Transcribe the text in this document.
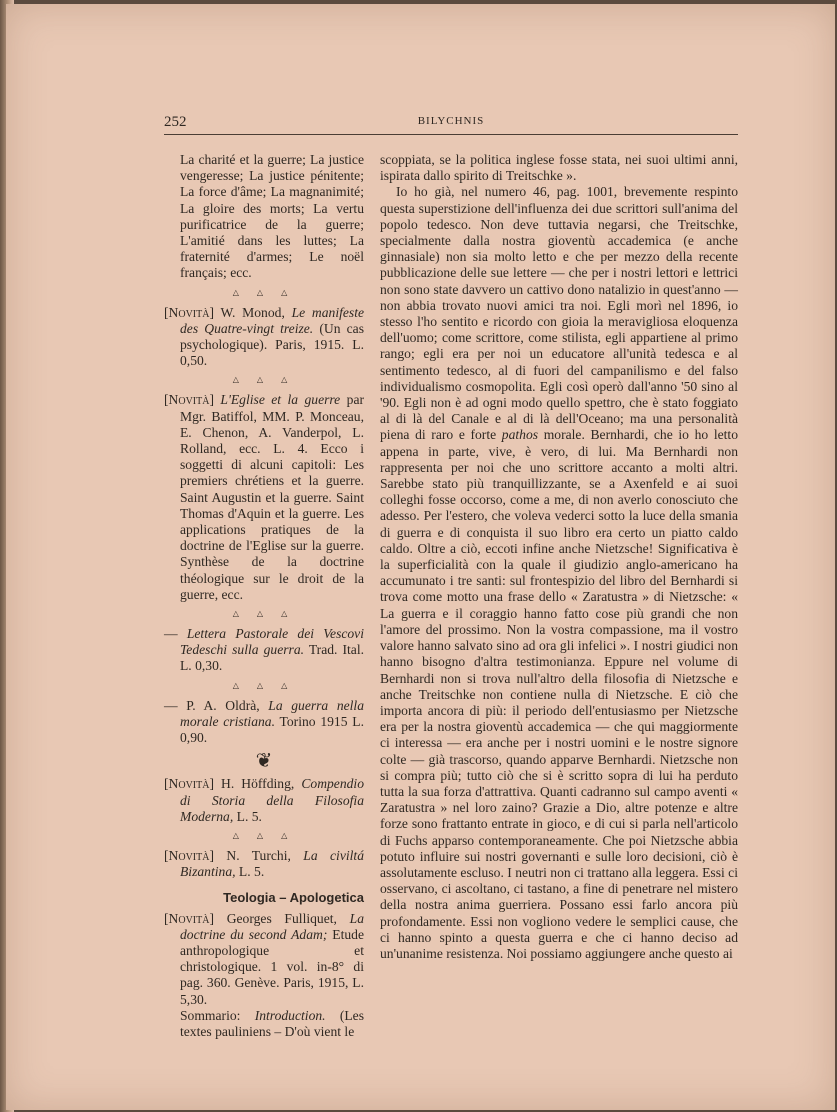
252	BILYCHNIS

La charité et la guerre; La justice vengeresse; La justice pénitente; La force d'âme; La magnanimité; La gloire des morts; La vertu purificatrice de la guerre; L'amitié dans les luttes; La fraternité d'armes; Le noël français; ecc.

△ △ △

[Novità] W. Monod, Le manifeste des Quatre-vingt treize. (Un cas psychologique). Paris, 1915. L. 0,50.

△ △ △

[Novità] L'Eglise et la guerre par Mgr. Batiffol, MM. P. Monceau, E. Chenon, A. Vanderpol, L. Rolland, ecc. L. 4. Ecco i soggetti di alcuni capitoli: Les premiers chrétiens et la guerre. Saint Augustin et la guerre. Saint Thomas d'Aquin et la guerre. Les applications pratiques de la doctrine de l'Eglise sur la guerre. Synthèse de la doctrine théologique sur le droit de la guerre, ecc.

△ △ △

— Lettera Pastorale dei Vescovi Tedeschi sulla guerra. Trad. Ital. L. 0,30.

△ △ △

— P. A. Oldrà, La guerra nella morale cristiana. Torino 1915 L. 0,90.

❦

[Novità] H. Höffding, Compendio di Storia della Filosofia Moderna, L. 5.

△ △ △

[Novità] N. Turchi, La civiltá Bizantina, L. 5.

Teologia – Apologetica

[Novità] Georges Fulliquet, La doctrine du second Adam; Etude anthropologique et christologique. 1 vol. in-8° di pag. 360. Genève. Paris, 1915, L. 5,30.

Sommario: Introduction. (Les textes pauliniens – D'où vient le

scoppiata, se la politica inglese fosse stata, nei suoi ultimi anni, ispirata dallo spirito di Treitschke ».

Io ho già, nel numero 46, pag. 1001, brevemente respinto questa superstizione dell'influenza dei due scrittori sull'anima del popolo tedesco. Non deve tuttavia negarsi, che Treitschke, specialmente dalla nostra gioventù accademica (e anche ginnasiale) non sia molto letto e che per mezzo della recente pubblicazione delle sue lettere — che per i nostri lettori e lettrici non sono state davvero un cattivo dono natalizio in quest'anno — non abbia trovato nuovi amici tra noi. Egli morì nel 1896, io stesso l'ho sentito e ricordo con gioia la meravigliosa eloquenza dell'uomo; come scrittore, come stilista, egli appartiene al primo rango; egli era per noi un educatore all'unità tedesca e al sentimento tedesco, al di fuori del campanilismo e del falso individualismo cosmopolita. Egli così operò dall'anno '50 sino al '90. Egli non è ad ogni modo quello spettro, che è stato foggiato al di là del Canale e al di là dell'Oceano; ma una personalità piena di raro e forte pathos morale. Bernhardi, che io ho letto appena in parte, vive, è vero, di lui. Ma Bernhardi non rappresenta per noi che uno scrittore accanto a molti altri. Sarebbe stato più tranquillizzante, se a Axenfeld e ai suoi colleghi fosse occorso, come a me, di non averlo conosciuto che adesso. Per l'estero, che voleva vederci sotto la luce della smania di guerra e di conquista il suo libro era certo un piatto caldo caldo. Oltre a ciò, eccoti infine anche Nietzsche! Significativa è la superficialità con la quale il giudizio anglo-americano ha accumunato i tre santi: sul frontespizio del libro del Bernhardi si trova come motto una frase dello « Zaratustra » di Nietzsche: « La guerra e il coraggio hanno fatto cose più grandi che non l'amore del prossimo. Non la vostra compassione, ma il vostro valore hanno salvato sino ad ora gli infelici ». I nostri giudici non hanno bisogno d'altra testimonianza. Eppure nel volume di Bernhardi non si trova null'altro della filosofia di Nietzsche e anche Treitschke non contiene nulla di Nietzsche. E ciò che importa ancora di più: il periodo dell'entusiasmo per Nietzsche era per la nostra gioventù accademica — che qui maggiormente ci interessa — era anche per i nostri uomini e le nostre signore colte — già trascorso, quando apparve Bernhardi. Nietzsche non si compra più; tutto ciò che si è scritto sopra di lui ha perduto tutta la sua forza d'attrattiva. Quanti cadranno sul campo aventi « Zaratustra » nel loro zaino? Grazie a Dio, altre potenze e altre forze sono frattanto entrate in gioco, e di cui si parla nell'articolo di Fuchs apparso contemporaneamente. Che poi Nietzsche abbia potuto influire sui nostri governanti e sulle loro decisioni, ciò è assolutamente escluso. I neutri non ci trattano alla leggera. Essi ci osservano, ci ascoltano, ci tastano, a fine di penetrare nel mistero della nostra anima guerriera. Possano essi farlo ancora più profondamente. Essi non vogliono vedere le semplici cause, che ci hanno spinto a questa guerra e che ci hanno deciso ad un'unanime resistenza. Noi possiamo aggiungere anche questo ai
